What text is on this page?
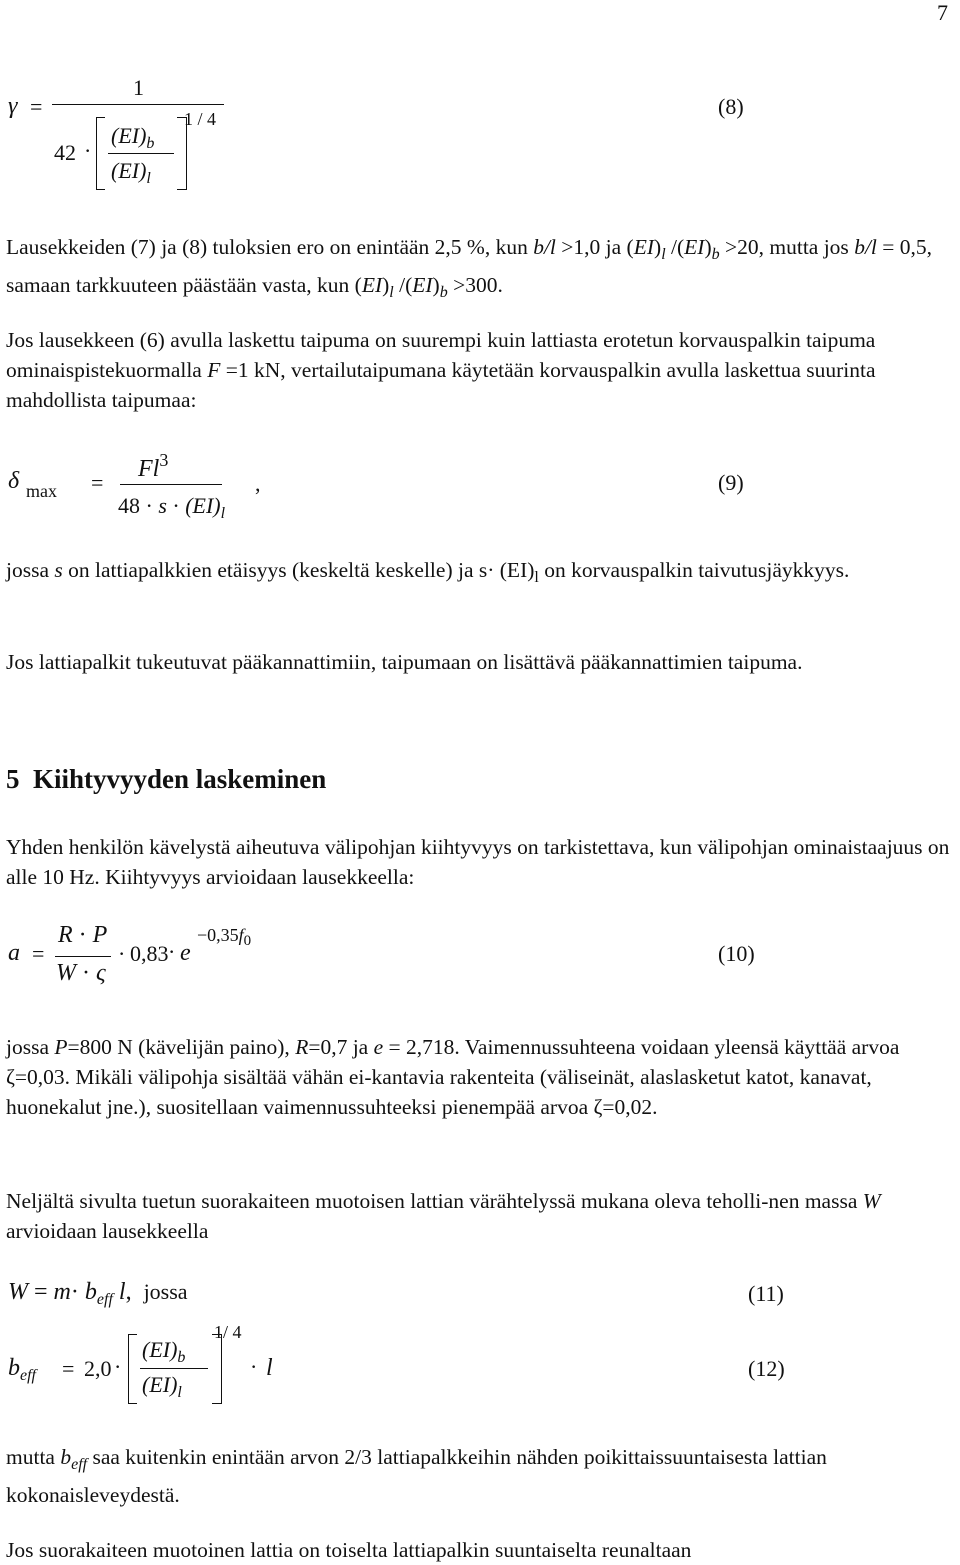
7
γ =
1
42 ·
1 / 4
$(EI)_b$
$(EI)_l$
(8)

Lausekkeiden (7) ja (8) tuloksien ero on enintään 2,5 %, kun b/l >1,0 ja $(EI)_l$ $/(EI)_b >20$, mutta jos b/l = 0,5, samaan tarkkuuteen päästään vasta, kun $(EI)_l$ $/(EI)_b >300$.

Jos lausekkeen (6) avulla laskettu taipuma on suurempi kuin lattiasta erotetun korvauspalkin taipuma ominaispistekuormalla F =1 kN, vertailutaipumana käytetään korvauspalkin avulla laskettua suurinta mahdollista taipumaa:

δ max =
$Fl^3$
$48 \cdot s \cdot (EI)_l$
,	(9)

jossa s on lattiapalkkien etäisyys (keskeltä keskelle) ja $s\cdot (EI)_l$ on korvauspalkin taivutusjäykkyys.

Jos lattiapalkit tukeutuvat pääkannattimiin, taipumaan on lisättävä pääkannattimien taipuma.

5 Kiihtyvyyden laskeminen

Yhden henkilön kävelystä aiheutuva välipohjan kiihtyvyys on tarkistettava, kun välipohjan ominaistaajuus on alle 10 Hz. Kiihtyvyys arvioidaan lausekkeella:

a =
R · P
W · ς
· 0,83 · e
$-0,35f_0$	(10)

jossa P=800 N (kävelijän paino), R=0,7 ja e = 2,718. Vaimennussuhteena voidaan yleensä käyttää arvoa ζ=0,03. Mikäli välipohja sisältää vähän ei-kantavia rakenteita (väliseinät, alaslasketut katot, kanavat, huonekalut jne.), suositellaan vaimennussuhteeksi pienempää arvoa ζ=0,02.

Neljältä sivulta tuetun suorakaiteen muotoisen lattian värähtelyssä mukana oleva teholli-nen massa W arvioidaan lausekkeella

$W = m\cdot b_{eff}$ l, jossa	(11)
$b_{eff} = 2,0$ ·
1/ 4
$(EI)_b$
$(EI)_l$
· l	(12)

mutta $b_{eff}$ saa kuitenkin enintään arvon 2/3 lattiapalkkeihin nähden poikittaissuuntaisesta lattian kokonaisleveydestä.

Jos suorakaiteen muotoinen lattia on toiselta lattiapalkin suuntaiselta reunaltaan
